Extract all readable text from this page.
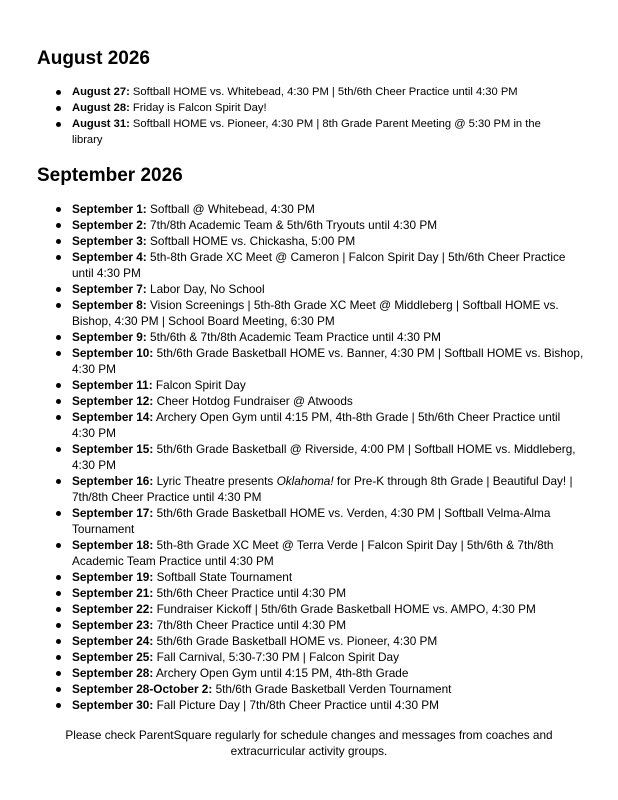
August 2026
August 27: Softball HOME vs. Whitebead, 4:30 PM | 5th/6th Cheer Practice until 4:30 PM
August 28: Friday is Falcon Spirit Day!
August 31: Softball HOME vs. Pioneer, 4:30 PM | 8th Grade Parent Meeting @ 5:30 PM in the library
September 2026
September 1: Softball @ Whitebead, 4:30 PM
September 2: 7th/8th Academic Team & 5th/6th Tryouts until 4:30 PM
September 3: Softball HOME vs. Chickasha, 5:00 PM
September 4: 5th-8th Grade XC Meet @ Cameron | Falcon Spirit Day | 5th/6th Cheer Practice until 4:30 PM
September 7: Labor Day, No School
September 8: Vision Screenings | 5th-8th Grade XC Meet @ Middleberg | Softball HOME vs. Bishop, 4:30 PM | School Board Meeting, 6:30 PM
September 9: 5th/6th & 7th/8th Academic Team Practice until 4:30 PM
September 10: 5th/6th Grade Basketball HOME vs. Banner, 4:30 PM | Softball HOME vs. Bishop, 4:30 PM
September 11: Falcon Spirit Day
September 12: Cheer Hotdog Fundraiser @ Atwoods
September 14: Archery Open Gym until 4:15 PM, 4th-8th Grade | 5th/6th Cheer Practice until 4:30 PM
September 15: 5th/6th Grade Basketball @ Riverside, 4:00 PM | Softball HOME vs. Middleberg, 4:30 PM
September 16: Lyric Theatre presents Oklahoma! for Pre-K through 8th Grade | Beautiful Day! | 7th/8th Cheer Practice until 4:30 PM
September 17: 5th/6th Grade Basketball HOME vs. Verden, 4:30 PM | Softball Velma-Alma Tournament
September 18: 5th-8th Grade XC Meet @ Terra Verde | Falcon Spirit Day | 5th/6th & 7th/8th Academic Team Practice until 4:30 PM
September 19: Softball State Tournament
September 21: 5th/6th Cheer Practice until 4:30 PM
September 22: Fundraiser Kickoff | 5th/6th Grade Basketball HOME vs. AMPO, 4:30 PM
September 23: 7th/8th Cheer Practice until 4:30 PM
September 24: 5th/6th Grade Basketball HOME vs. Pioneer, 4:30 PM
September 25: Fall Carnival, 5:30-7:30 PM | Falcon Spirit Day
September 28: Archery Open Gym until 4:15 PM, 4th-8th Grade
September 28-October 2: 5th/6th Grade Basketball Verden Tournament
September 30: Fall Picture Day | 7th/8th Cheer Practice until 4:30 PM
Please check ParentSquare regularly for schedule changes and messages from coaches and extracurricular activity groups.
